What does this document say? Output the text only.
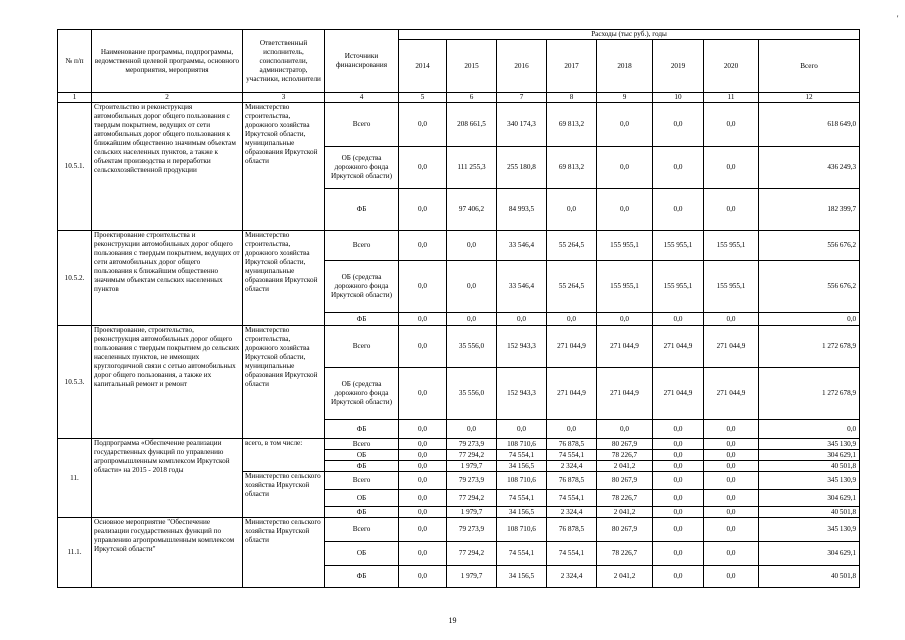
№ п/п	Наименование программы, подпрограммы, ведомственной целевой программы, основного мероприятия, мероприятия	Ответственный исполнитель, соисполнители, администратор, участники, исполнители	Источники финансирования	Расходы (тыс руб.), годы							
				2014	2015	2016	2017	2018	2019	2020	Всего
1	2	3	4	5	6	7	8	9	10	11	12
10.5.1.	Строительство и реконструкция автомобильных дорог общего пользования с твердым покрытием, ведущих от сети автомобильных дорог общего пользования к ближайшим общественно значимым объектам сельских населенных пунктов, а также к объектам производства и переработки сельскохозяйственной продукции	Министерство строительства, дорожного хозяйства Иркутской области, муниципальные образования Иркутской области	Всего	0,0	208 661,5	340 174,3	69 813,2	0,0	0,0	0,0	618 649,0
			ОБ (средства дорожного фонда Иркутской области)	0,0	111 255,3	255 180,8	69 813,2	0,0	0,0	0,0	436 249,3
			ФБ	0,0	97 406,2	84 993,5	0,0	0,0	0,0	0,0	182 399,7
10.5.2.	Проектирование строительства и реконструкции автомобильных дорог общего пользования с твердым покрытием, ведущих от сети автомобильных дорог общего пользования к ближайшим общественно значимым объектам сельских населенных пунктов	Министерство строительства, дорожного хозяйства Иркутской области, муниципальные образования Иркутской области	Всего	0,0	0,0	33 546,4	55 264,5	155 955,1	155 955,1	155 955,1	556 676,2
			ОБ (средства дорожного фонда Иркутской области)	0,0	0,0	33 546,4	55 264,5	155 955,1	155 955,1	155 955,1	556 676,2
			ФБ	0,0	0,0	0,0	0,0	0,0	0,0	0,0	0,0
10.5.3.	Проектирование, строительство, реконструкция автомобильных дорог общего пользования с твердым покрытием до сельских населенных пунктов, не имеющих круглогодичной связи с сетью автомобильных дорог общего пользования, а также их капитальный ремонт и ремонт	Министерство строительства, дорожного хозяйства Иркутской области, муниципальные образования Иркутской области	Всего	0,0	35 556,0	152 943,3	271 044,9	271 044,9	271 044,9	271 044,9	1 272 678,9
			ОБ (средства дорожного фонда Иркутской области)	0,0	35 556,0	152 943,3	271 044,9	271 044,9	271 044,9	271 044,9	1 272 678,9
			ФБ	0,0	0,0	0,0	0,0	0,0	0,0	0,0	0,0
11.	Подпрограмма «Обеспечение реализации государственных функций по управлению агропромышленным комплексом Иркутской области» на 2015 - 2018 годы	всего, в том числе:	Всего	0,0	79 273,9	108 710,6	76 878,5	80 267,9	0,0	0,0	345 130,9
			ОБ	0,0	77 294,2	74 554,1	74 554,1	78 226,7	0,0	0,0	304 629,1
			ФБ	0,0	1 979,7	34 156,5	2 324,4	2 041,2	0,0	0,0	40 501,8
		Министерство сельского хозяйства Иркутской области	Всего	0,0	79 273,9	108 710,6	76 878,5	80 267,9	0,0	0,0	345 130,9
			ОБ	0,0	77 294,2	74 554,1	74 554,1	78 226,7	0,0	0,0	304 629,1
			ФБ	0,0	1 979,7	34 156,5	2 324,4	2 041,2	0,0	0,0	40 501,8
11.1.	Основное мероприятие "Обеспечение реализации государственных функций по управлению агропромышленным комплексом Иркутской области"	Министерство сельского хозяйства Иркутской области	Всего	0,0	79 273,9	108 710,6	76 878,5	80 267,9	0,0	0,0	345 130,9
			ОБ	0,0	77 294,2	74 554,1	74 554,1	78 226,7	0,0	0,0	304 629,1
			ФБ	0,0	1 979,7	34 156,5	2 324,4	2 041,2	0,0	0,0	40 501,8
19
'
